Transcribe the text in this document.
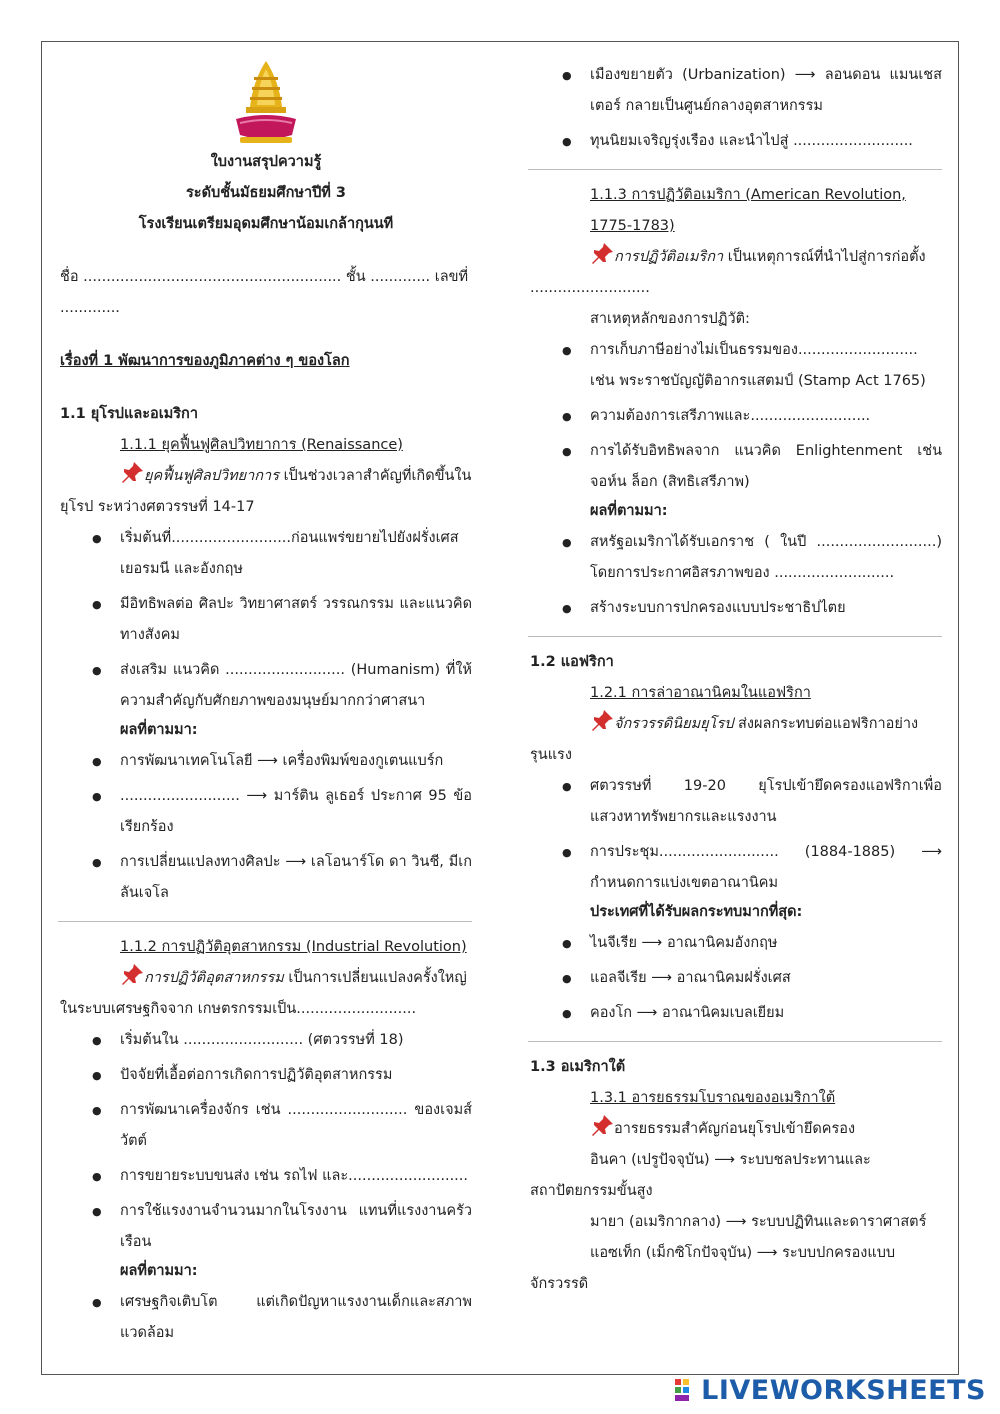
ใบงานสรุปความรู้
ระดับชั้นมัธยมศึกษาปีที่ 3
โรงเรียนเตรียมอุดมศึกษาน้อมเกล้ากุนนที

ชื่อ ........................................................ ชั้น ............. เลขที่ .............

เรื่องที่ 1 พัฒนาการของภูมิภาคต่าง ๆ ของโลก

1.1 ยุโรปและอเมริกา

1.1.1 ยุคฟื้นฟูศิลปวิทยาการ (Renaissance)

ยุคฟื้นฟูศิลปวิทยาการ เป็นช่วงเวลาสำคัญที่เกิดขึ้นในยุโรป ระหว่างศตวรรษที่ 14-17

● เริ่มต้นที่..........................ก่อนแพร่ขยายไปยังฝรั่งเศส เยอรมนี และอังกฤษ
● มีอิทธิพลต่อ ศิลปะ วิทยาศาสตร์ วรรณกรรม และแนวคิดทางสังคม
● ส่งเสริม แนวคิด .......................... (Humanism) ที่ให้ความสำคัญกับศักยภาพของมนุษย์มากกว่าศาสนา

ผลที่ตามมา:

● การพัฒนาเทคโนโลยี ⟶ เครื่องพิมพ์ของกูเตนแบร์ก
● .......................... ⟶ มาร์ติน ลูเธอร์ ประกาศ 95 ข้อเรียกร้อง
● การเปลี่ยนแปลงทางศิลปะ ⟶ เลโอนาร์โด ดา วินชี, มีเกลันเจโล

1.1.2 การปฏิวัติอุตสาหกรรม (Industrial Revolution)

การปฏิวัติอุตสาหกรรม เป็นการเปลี่ยนแปลงครั้งใหญ่ในระบบเศรษฐกิจจาก เกษตรกรรมเป็น..........................

● เริ่มต้นใน .......................... (ศตวรรษที่ 18)
● ปัจจัยที่เอื้อต่อการเกิดการปฏิวัติอุตสาหกรรม
● การพัฒนาเครื่องจักร เช่น .......................... ของเจมส์ วัตต์
● การขยายระบบขนส่ง เช่น รถไฟ และ..........................
● การใช้แรงงานจำนวนมากในโรงงาน แทนที่แรงงานครัวเรือน

ผลที่ตามมา:

● เศรษฐกิจเติบโต แต่เกิดปัญหาแรงงานเด็กและสภาพแวดล้อม
● เมืองขยายตัว (Urbanization) ⟶ ลอนดอน แมนเชสเตอร์ กลายเป็นศูนย์กลางอุตสาหกรรม
● ทุนนิยมเจริญรุ่งเรือง และนำไปสู่ ..........................

1.1.3 การปฏิวัติอเมริกา (American Revolution, 1775-1783)

การปฏิวัติอเมริกา เป็นเหตุการณ์ที่นำไปสู่การก่อตั้ง ..........................

สาเหตุหลักของการปฏิวัติ:

● การเก็บภาษีอย่างไม่เป็นธรรมของ.......................... เช่น พระราชบัญญัติอากรแสตมป์ (Stamp Act 1765)
● ความต้องการเสรีภาพและ..........................
● การได้รับอิทธิพลจาก แนวคิด Enlightenment เช่น จอห์น ล็อก (สิทธิเสรีภาพ)

ผลที่ตามมา:

● สหรัฐอเมริกาได้รับเอกราช ( ในปี ..........................) โดยการประกาศอิสรภาพของ ..........................
● สร้างระบบการปกครองแบบประชาธิปไตย

1.2 แอฟริกา

1.2.1 การล่าอาณานิคมในแอฟริกา

จักรวรรดินิยมยุโรป ส่งผลกระทบต่อแอฟริกาอย่างรุนแรง

● ศตวรรษที่ 19-20 ยุโรปเข้ายึดครองแอฟริกาเพื่อ แสวงหาทรัพยากรและแรงงาน
● การประชุม.......................... (1884-1885) ⟶ กำหนดการแบ่งเขตอาณานิคม

ประเทศที่ได้รับผลกระทบมากที่สุด:

● ไนจีเรีย ⟶ อาณานิคมอังกฤษ
● แอลจีเรีย ⟶ อาณานิคมฝรั่งเศส
● คองโก ⟶ อาณานิคมเบลเยียม

1.3 อเมริกาใต้

1.3.1 อารยธรรมโบราณของอเมริกาใต้

อารยธรรมสำคัญก่อนยุโรปเข้ายึดครอง

อินคา (เปรูปัจจุบัน) ⟶ ระบบชลประทานและสถาปัตยกรรมขั้นสูง

มายา (อเมริกากลาง) ⟶ ระบบปฏิทินและดาราศาสตร์

แอซเท็ก (เม็กซิโกปัจจุบัน) ⟶ ระบบปกครองแบบจักรวรรดิ

LIVEWORKSHEETS
